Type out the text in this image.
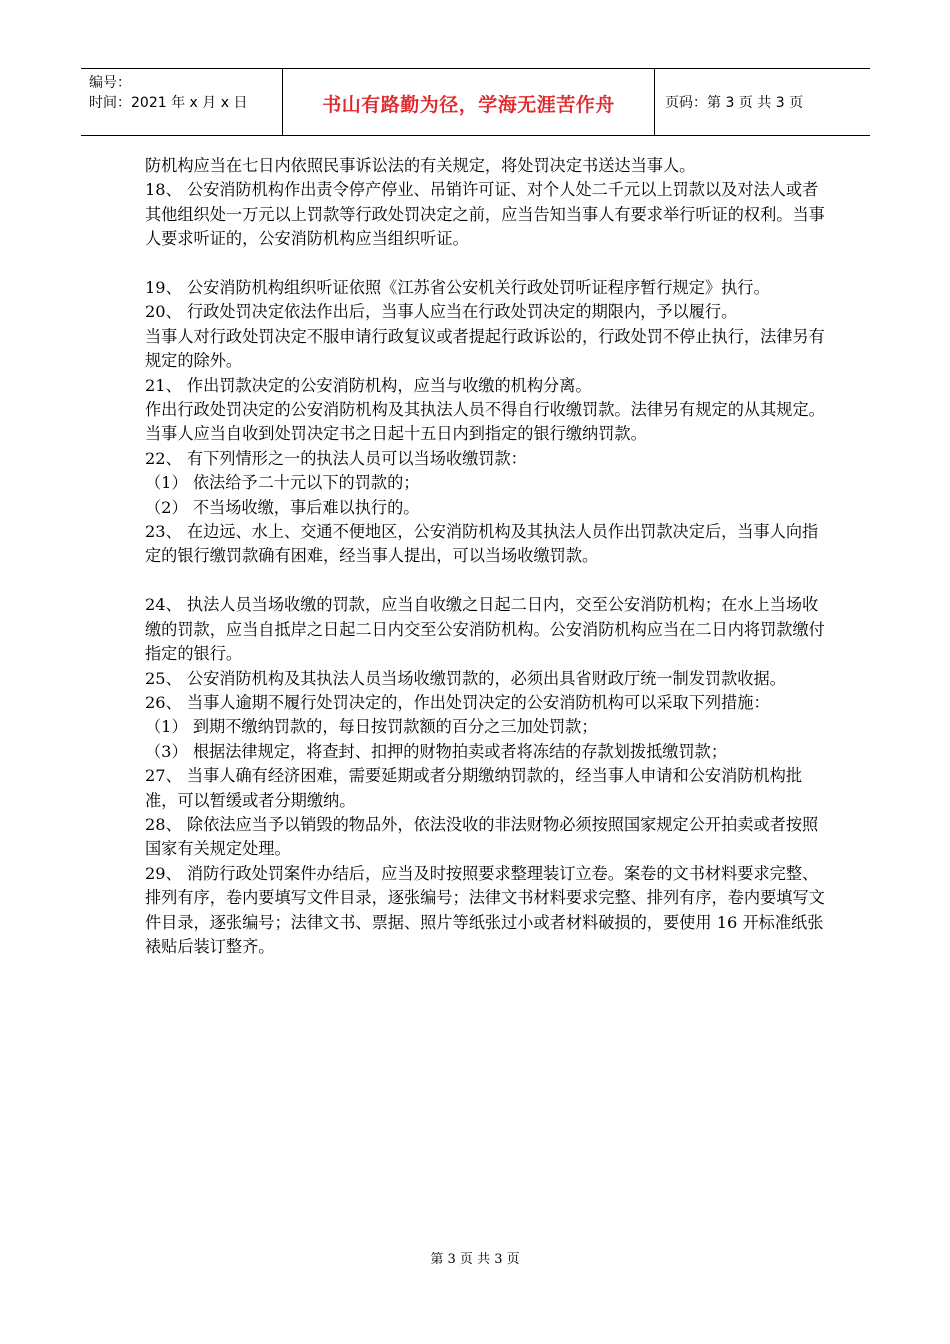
编号：
时间：2021 年 x 月 x 日	书山有路勤为径，学海无涯苦作舟	页码：第 3 页 共 3 页

防机构应当在七日内依照民事诉讼法的有关规定，将处罚决定书送达当事人。

18、 公安消防机构作出责令停产停业、吊销许可证、对个人处二千元以上罚款以及对法人或者其他组织处一万元以上罚款等行政处罚决定之前，应当告知当事人有要求举行听证的权利。当事人要求听证的，公安消防机构应当组织听证。

19、 公安消防机构组织听证依照《江苏省公安机关行政处罚听证程序暂行规定》执行。

20、 行政处罚决定依法作出后，当事人应当在行政处罚决定的期限内，予以履行。

当事人对行政处罚决定不服申请行政复议或者提起行政诉讼的，行政处罚不停止执行，法律另有规定的除外。

21、 作出罚款决定的公安消防机构，应当与收缴的机构分离。

作出行政处罚决定的公安消防机构及其执法人员不得自行收缴罚款。法律另有规定的从其规定。

当事人应当自收到处罚决定书之日起十五日内到指定的银行缴纳罚款。

22、 有下列情形之一的执法人员可以当场收缴罚款：

（1） 依法给予二十元以下的罚款的；

（2） 不当场收缴，事后难以执行的。

23、 在边远、水上、交通不便地区，公安消防机构及其执法人员作出罚款决定后，当事人向指定的银行缴罚款确有困难，经当事人提出，可以当场收缴罚款。

24、 执法人员当场收缴的罚款，应当自收缴之日起二日内，交至公安消防机构；在水上当场收缴的罚款，应当自抵岸之日起二日内交至公安消防机构。公安消防机构应当在二日内将罚款缴付指定的银行。

25、 公安消防机构及其执法人员当场收缴罚款的，必须出具省财政厅统一制发罚款收据。

26、 当事人逾期不履行处罚决定的，作出处罚决定的公安消防机构可以采取下列措施：

（1） 到期不缴纳罚款的，每日按罚款额的百分之三加处罚款；

（3） 根据法律规定，将查封、扣押的财物拍卖或者将冻结的存款划拨抵缴罚款；

27、 当事人确有经济困难，需要延期或者分期缴纳罚款的，经当事人申请和公安消防机构批准，可以暂缓或者分期缴纳。

28、 除依法应当予以销毁的物品外，依法没收的非法财物必须按照国家规定公开拍卖或者按照国家有关规定处理。

29、 消防行政处罚案件办结后，应当及时按照要求整理装订立卷。案卷的文书材料要求完整、排列有序，卷内要填写文件目录，逐张编号；法律文书材料要求完整、排列有序，卷内要填写文件目录，逐张编号；法律文书、票据、照片等纸张过小或者材料破损的，要使用 16 开标准纸张裱贴后装订整齐。

第 3 页 共 3 页
